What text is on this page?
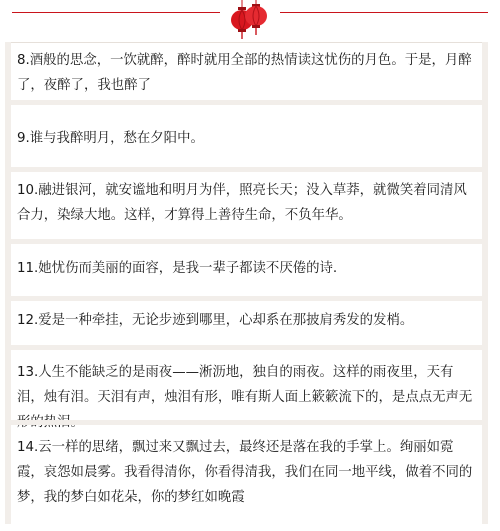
8.酒般的思念，一饮就醉，醉时就用全部的热情读这忧伤的月色。于是，月醉了，夜醉了，我也醉了
9.谁与我醉明月，愁在夕阳中。
10.融进银河，就安谧地和明月为伴，照亮长天；没入草莽，就微笑着同清风合力，染绿大地。这样，才算得上善待生命，不负年华。
11.她忧伤而美丽的面容，是我一辈子都读不厌倦的诗.
12.爱是一种牵挂，无论步迹到哪里，心却系在那披肩秀发的发梢。
13.人生不能缺乏的是雨夜——淅沥地，独自的雨夜。这样的雨夜里，天有泪，烛有泪。天泪有声，烛泪有形，唯有斯人面上簌簌流下的，是点点无声无
14.云一样的思绪，飘过来又飘过去，最终还是落在我的手掌上。绚丽如霓霞，哀怨如晨雾。我看得清你，你看得清我，我们在同一地平线，做着不同的梦，我的梦白如花朵，你的梦红如晚霞
